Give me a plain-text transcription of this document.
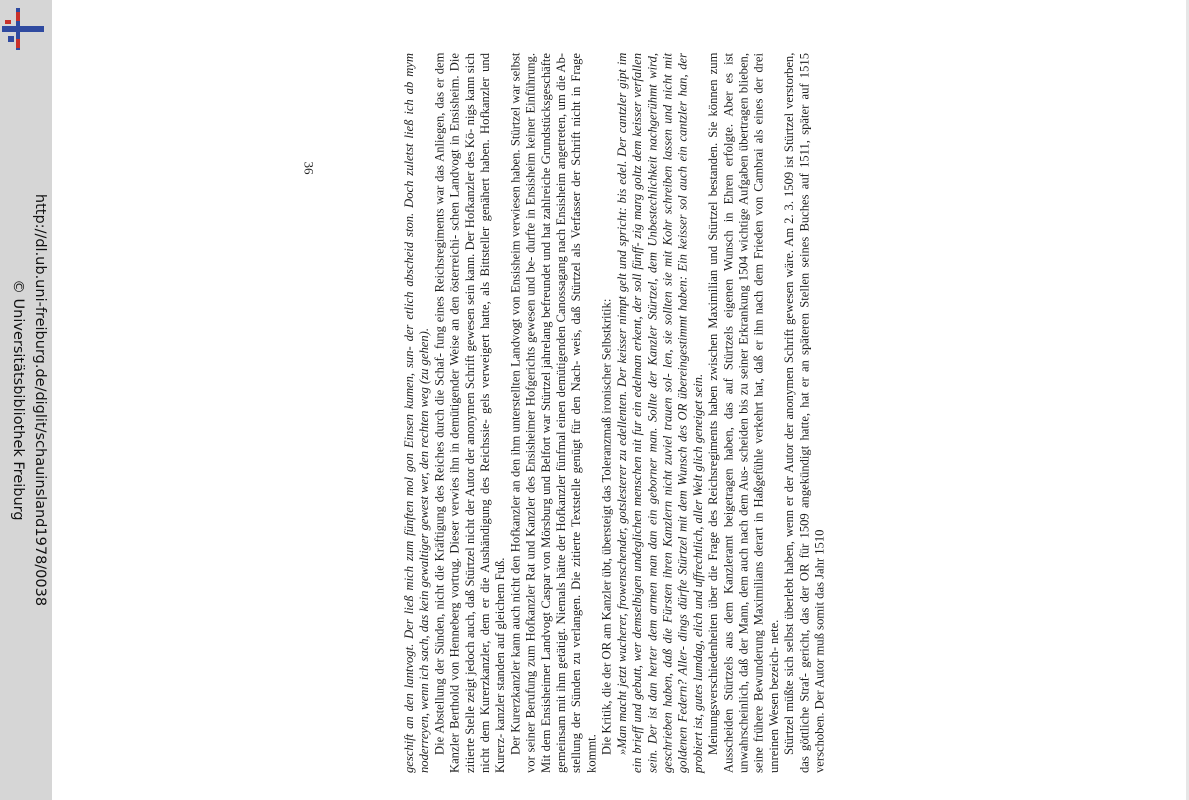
http://dl.ub.uni-freiburg.de/diglit/schauinsland1978/0038
© Universitätsbibliothek Freiburg
36	geschift an den lantvogt. Der ließ mich zum fünften mol gon Einsen kumen, sun- der etlich abscheid ston. Doch zuletst ließ ich ab mym noderreyen, wenn ich sach, das kein gewaltiger gewest wer, den rechten weg (zu gehen). Die Abstellung der Sünden, nicht die Kräftigung des Reiches durch die Schaf- fung eines Reichsregiments war das Anliegen, das er dem Kanzler Berthold von Henneberg vortrug. Dieser verwies ihn in demütigender Weise an den österreichi- schen Landvogt in Ensisheim. Die zitierte Stelle zeigt jedoch auch, daß Stürtzel nicht der Autor der anonymen Schrift gewesen sein kann. Der Hofkanzler des Kö- nigs kann sich nicht dem Kurerzkanzler, dem er die Aushändigung des Reichssie- gels verweigert hatte, als Bittsteller genähert haben. Hofkanzler und Kurerz- kanzler standen auf gleichem Fuß. Der Kurerzkanzler kann auch nicht den Hofkanzler an den ihm unterstellten Landvogt von Ensisheim verwiesen haben. Stürtzel war selbst vor seiner Berufung zum Hofkanzler Rat und Kanzler des Ensisheimer Hofgerichts gewesen und be- durfte in Ensisheim keiner Einführung. Mit dem Ensisheimer Landvogt Caspar von Mörsburg und Belfort war Stürtzel jahrelang befreundet und hat zahlreiche Grundstücksgeschäfte gemeinsam mit ihm getätigt. Niemals hätte der Hofkanzler fünfmal einen demütigenden Canossagang nach Ensisheim angetreten, um die Ab- stellung der Sünden zu verlangen. Die zitierte Textstelle genügt für den Nach- weis, daß Stürtzel als Verfasser der Schrift nicht in Frage kommt. Die Kritik, die der OR am Kanzler übt, übersteigt das Toleranzmaß ironischer Selbstkritik: »Man macht jetzt wucherer, frowenschender, gotslesterer zu edellenten. Der keisser nimpt gelt und spricht: bis edel. Der cantzler gipt im ein brieff und gebutt, wer demselbigen undeglichen menschen nit fur ein edelman erkent, der soll fünff- zig marg goltz dem keisser verfallen sein. Der ist dan herter dem armen man dan ein geborner man. Sollte der Kanzler Stürtzel, dem Unbestechlichkeit nachgerühmt wird, geschrieben haben, daß die Fürsten ihren Kanzlern nicht zuviel trauen sol- len, sie sollten sie mit Kohr schreiben lassen und nicht mit goldenen Federn? Aller- dings dürfte Stürtzel mit dem Wunsch des OR übereingestimmt haben: Ein keisser sol auch ein cantzler han, der probiert ist, gutes lumdag, elich und uffrechtlich, aller Welt glich geneiget sein. Meinungsverschiedenheiten über die Frage des Reichsregiments haben zwischen Maximilian und Stürtzel bestanden. Sie können zum Ausscheiden Stürtzels aus dem Kanzleramt beigetragen haben, das auf Stürtzels eigenen Wunsch in Ehren erfolgte. Aber es ist unwahrscheinlich, daß der Mann, dem auch nach dem Aus- scheiden bis zu seiner Erkrankung 1504 wichtige Aufgaben übertragen blieben, seine frühere Bewunderung Maximilians derart in Haßgefühle verkehrt hat, daß er ihn nach dem Frieden von Cambrai als eines der drei unreinen Wesen bezeich- nete. Stürtzel müßte sich selbst überlebt haben, wenn er der Autor der anonymen Schrift gewesen wäre. Am 2. 3. 1509 ist Stürtzel verstorben, das göttliche Straf- gericht, das der OR für 1509 angekündigt hatte, hat er an späteren Stellen seines Buches auf 1511, später auf 1515 verschoben. Der Autor muß somit das Jahr 1510
